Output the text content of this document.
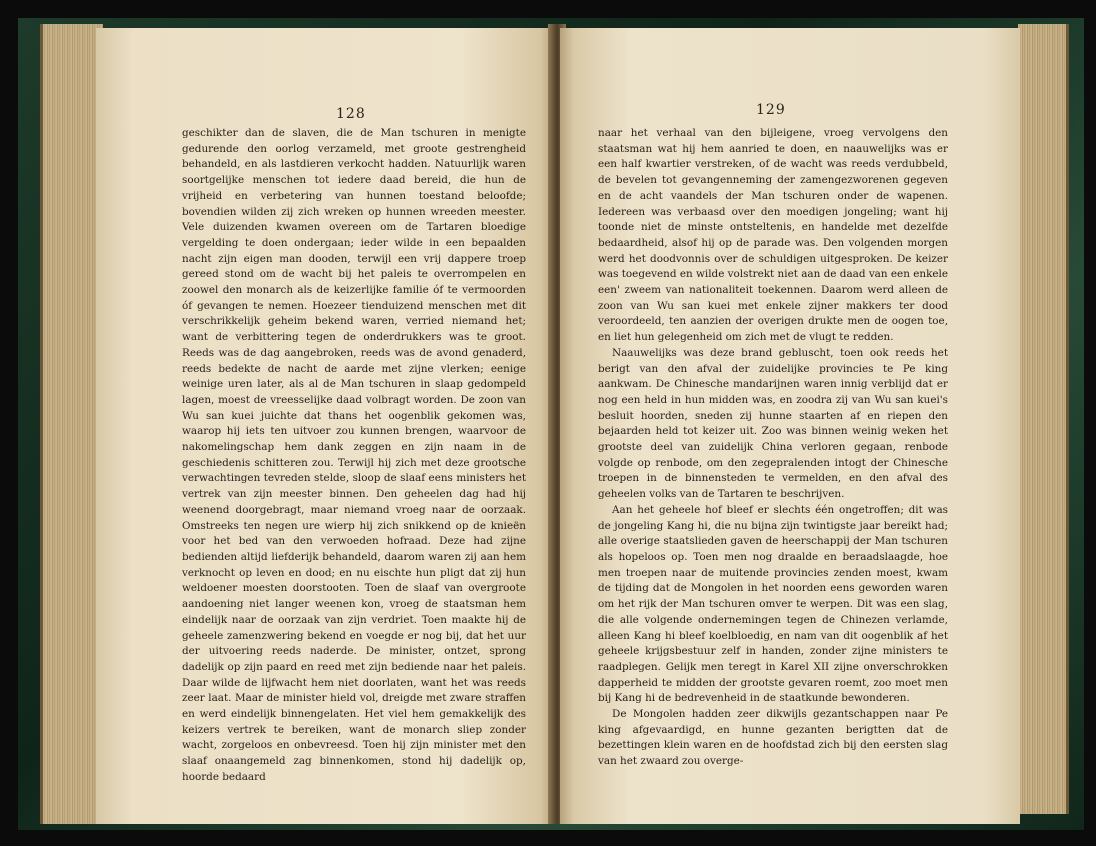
128

geschikter dan de slaven, die de Man tschuren in menigte gedurende den oorlog verzameld, met groote gestrengheid behandeld, en als lastdieren verkocht hadden. Natuurlijk waren soortgelijke menschen tot iedere daad bereid, die hun de vrijheid en verbetering van hunnen toestand beloofde; bovendien wilden zij zich wreken op hunnen wreeden meester. Vele duizenden kwamen overeen om de Tartaren bloedige vergelding te doen ondergaan; ieder wilde in een bepaalden nacht zijn eigen man dooden, terwijl een vrij dappere troep gereed stond om de wacht bij het paleis te overrompelen en zoowel den monarch als de keizerlijke familie óf te vermoorden óf gevangen te nemen. Hoezeer tienduizend menschen met dit verschrikkelijk geheim bekend waren, verried niemand het; want de verbittering tegen de onderdrukkers was te groot. Reeds was de dag aangebroken, reeds was de avond genaderd, reeds bedekte de nacht de aarde met zijne vlerken; eenige weinige uren later, als al de Man tschuren in slaap gedompeld lagen, moest de vreesselijke daad volbragt worden. De zoon van Wu san kuei juichte dat thans het oogenblik gekomen was, waarop hij iets ten uitvoer zou kunnen brengen, waarvoor de nakomelingschap hem dank zeggen en zijn naam in de geschiedenis schitteren zou. Terwijl hij zich met deze grootsche verwachtingen tevreden stelde, sloop de slaaf eens ministers het vertrek van zijn meester binnen. Den geheelen dag had hij weenend doorgebragt, maar niemand vroeg naar de oorzaak. Omstreeks ten negen ure wierp hij zich snikkend op de knieën voor het bed van den verwoeden hofraad. Deze had zijne bedienden altijd liefderijk behandeld, daarom waren zij aan hem verknocht op leven en dood; en nu eischte hun pligt dat zij hun weldoener moesten doorstooten. Toen de slaaf van overgroote aandoening niet langer weenen kon, vroeg de staatsman hem eindelijk naar de oorzaak van zijn verdriet. Toen maakte hij de geheele zamenzwering bekend en voegde er nog bij, dat het uur der uitvoering reeds naderde. De minister, ontzet, sprong dadelijk op zijn paard en reed met zijn bediende naar het paleis. Daar wilde de lijfwacht hem niet doorlaten, want het was reeds zeer laat. Maar de minister hield vol, dreigde met zware straffen en werd eindelijk binnengelaten. Het viel hem gemakkelijk des keizers vertrek te bereiken, want de monarch sliep zonder wacht, zorgeloos en onbevreesd. Toen hij zijn minister met den slaaf onaangemeld zag binnenkomen, stond hij dadelijk op, hoorde bedaard

129

naar het verhaal van den bijleigene, vroeg vervolgens den staatsman wat hij hem aanried te doen, en naauwelijks was er een half kwartier verstreken, of de wacht was reeds verdubbeld, de bevelen tot gevangenneming der zamengezworenen gegeven en de acht vaandels der Man tschuren onder de wapenen. Iedereen was verbaasd over den moedigen jongeling; want hij toonde niet de minste ontsteltenis, en handelde met dezelfde bedaardheid, alsof hij op de parade was. Den volgenden morgen werd het doodvonnis over de schuldigen uitgesproken. De keizer was toegevend en wilde volstrekt niet aan de daad van een enkele een' zweem van nationaliteit toekennen. Daarom werd alleen de zoon van Wu san kuei met enkele zijner makkers ter dood veroordeeld, ten aanzien der overigen drukte men de oogen toe, en liet hun gelegenheid om zich met de vlugt te redden.

Naauwelijks was deze brand gebluscht, toen ook reeds het berigt van den afval der zuidelijke provincies te Pe king aankwam. De Chinesche mandarijnen waren innig verblijd dat er nog een held in hun midden was, en zoodra zij van Wu san kuei's besluit hoorden, sneden zij hunne staarten af en riepen den bejaarden held tot keizer uit. Zoo was binnen weinig weken het grootste deel van zuidelijk China verloren gegaan, renbode volgde op renbode, om den zegepralenden intogt der Chinesche troepen in de binnensteden te vermelden, en den afval des geheelen volks van de Tartaren te beschrijven.

Aan het geheele hof bleef er slechts één ongetroffen; dit was de jongeling Kang hi, die nu bijna zijn twintigste jaar bereikt had; alle overige staatslieden gaven de heerschappij der Man tschuren als hopeloos op. Toen men nog draalde en beraadslaagde, hoe men troepen naar de muitende provincies zenden moest, kwam de tijding dat de Mongolen in het noorden eens geworden waren om het rijk der Man tschuren omver te werpen. Dit was een slag, die alle volgende ondernemingen tegen de Chinezen verlamde, alleen Kang hi bleef koelbloedig, en nam van dit oogenblik af het geheele krijgsbestuur zelf in handen, zonder zijne ministers te raadplegen. Gelijk men teregt in Karel XII zijne onverschrokken dapperheid te midden der grootste gevaren roemt, zoo moet men bij Kang hi de bedrevenheid in de staatkunde bewonderen.

De Mongolen hadden zeer dikwijls gezantschappen naar Pe king afgevaardigd, en hunne gezanten berigtten dat de bezettingen klein waren en de hoofdstad zich bij den eersten slag van het zwaard zou overge-
